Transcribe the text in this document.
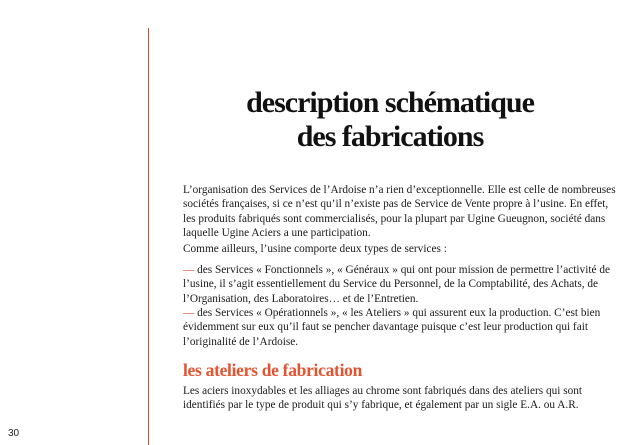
description schématique
des fabrications

L’organisation des Services de l’Ardoise n’a rien d’exceptionnelle. Elle est celle de nombreuses sociétés françaises, si ce n’est qu’il n’existe pas de Service de Vente propre à l’usine. En effet, les produits fabriqués sont commercialisés, pour la plupart par Ugine Gueugnon, société dans laquelle Ugine Aciers a une participation.

Comme ailleurs, l’usine comporte deux types de services :

— des Services « Fonctionnels », « Généraux » qui ont pour mission de permettre l’activité de l’usine, il s’agit essentiellement du Service du Personnel, de la Comptabilité, des Achats, de l’Organisation, des Laboratoires… et de l’Entretien.

— des Services « Opérationnels », « les Ateliers » qui assurent eux la production. C’est bien évidemment sur eux qu’il faut se pencher davantage puisque c’est leur production qui fait l’originalité de l’Ardoise.

les ateliers de fabrication

Les aciers inoxydables et les alliages au chrome sont fabriqués dans des ateliers qui sont identifiés par le type de produit qui s’y fabrique, et également par un sigle E.A. ou A.R.

30
